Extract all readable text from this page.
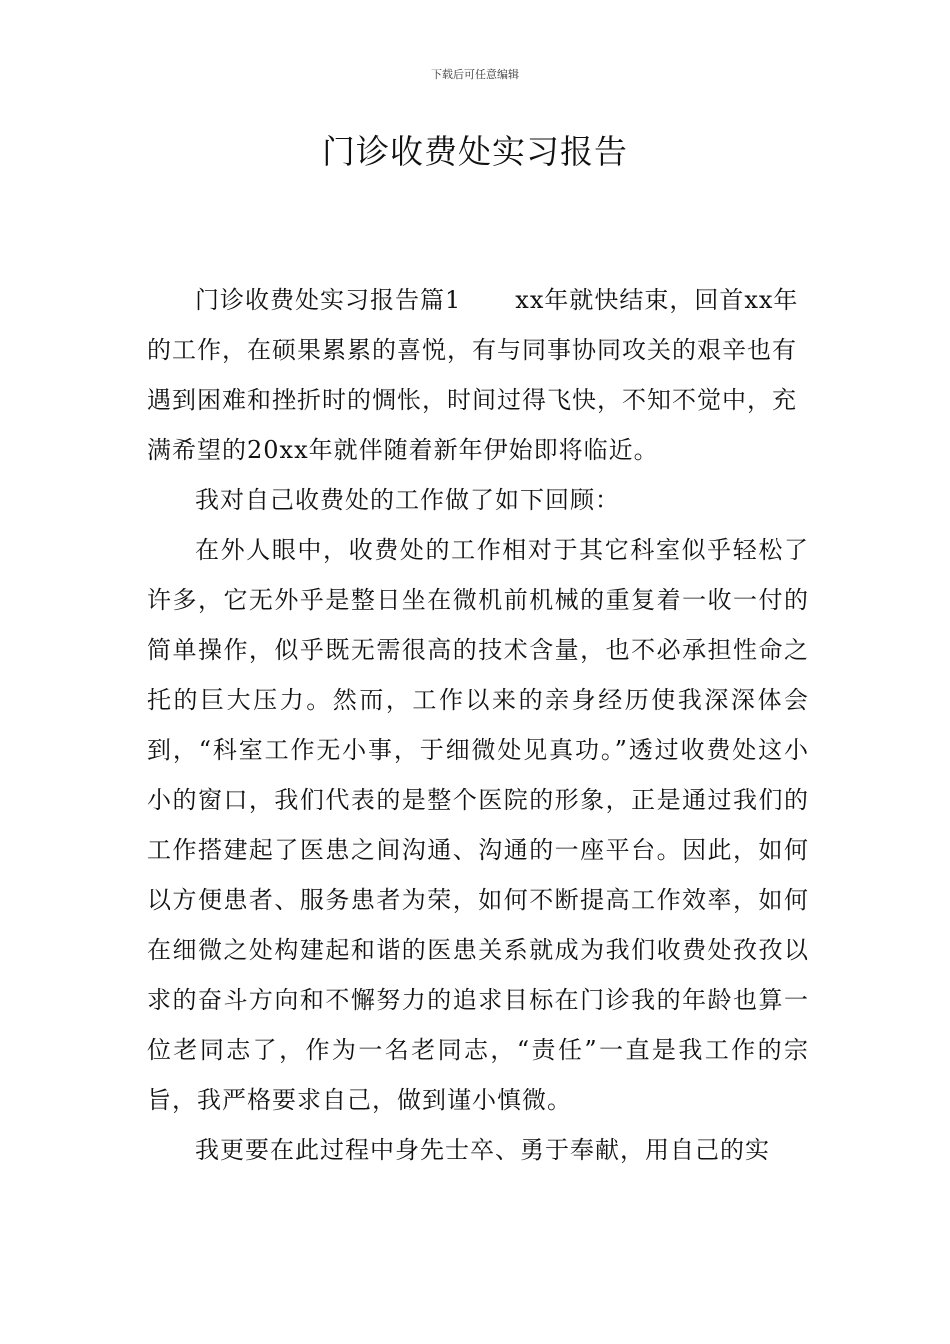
下载后可任意编辑
门诊收费处实习报告

门诊收费处实习报告篇1 xx年就快结束，回首xx年的工作，在硕果累累的喜悦，有与同事协同攻关的艰辛也有遇到困难和挫折时的惆怅，时间过得飞快，不知不觉中，充满希望的20xx年就伴随着新年伊始即将临近。

我对自己收费处的工作做了如下回顾：

在外人眼中，收费处的工作相对于其它科室似乎轻松了许多，它无外乎是整日坐在微机前机械的重复着一收一付的简单操作，似乎既无需很高的技术含量，也不必承担性命之托的巨大压力。然而，工作以来的亲身经历使我深深体会到，“科室工作无小事，于细微处见真功。”透过收费处这小小的窗口，我们代表的是整个医院的形象，正是通过我们的工作搭建起了医患之间沟通、沟通的一座平台。因此，如何以方便患者、服务患者为荣，如何不断提高工作效率，如何在细微之处构建起和谐的医患关系就成为我们收费处孜孜以求的奋斗方向和不懈努力的追求目标在门诊我的年龄也算一位老同志了，作为一名老同志，“责任”一直是我工作的宗旨，我严格要求自己，做到谨小慎微。

我更要在此过程中身先士卒、勇于奉献，用自己的实
